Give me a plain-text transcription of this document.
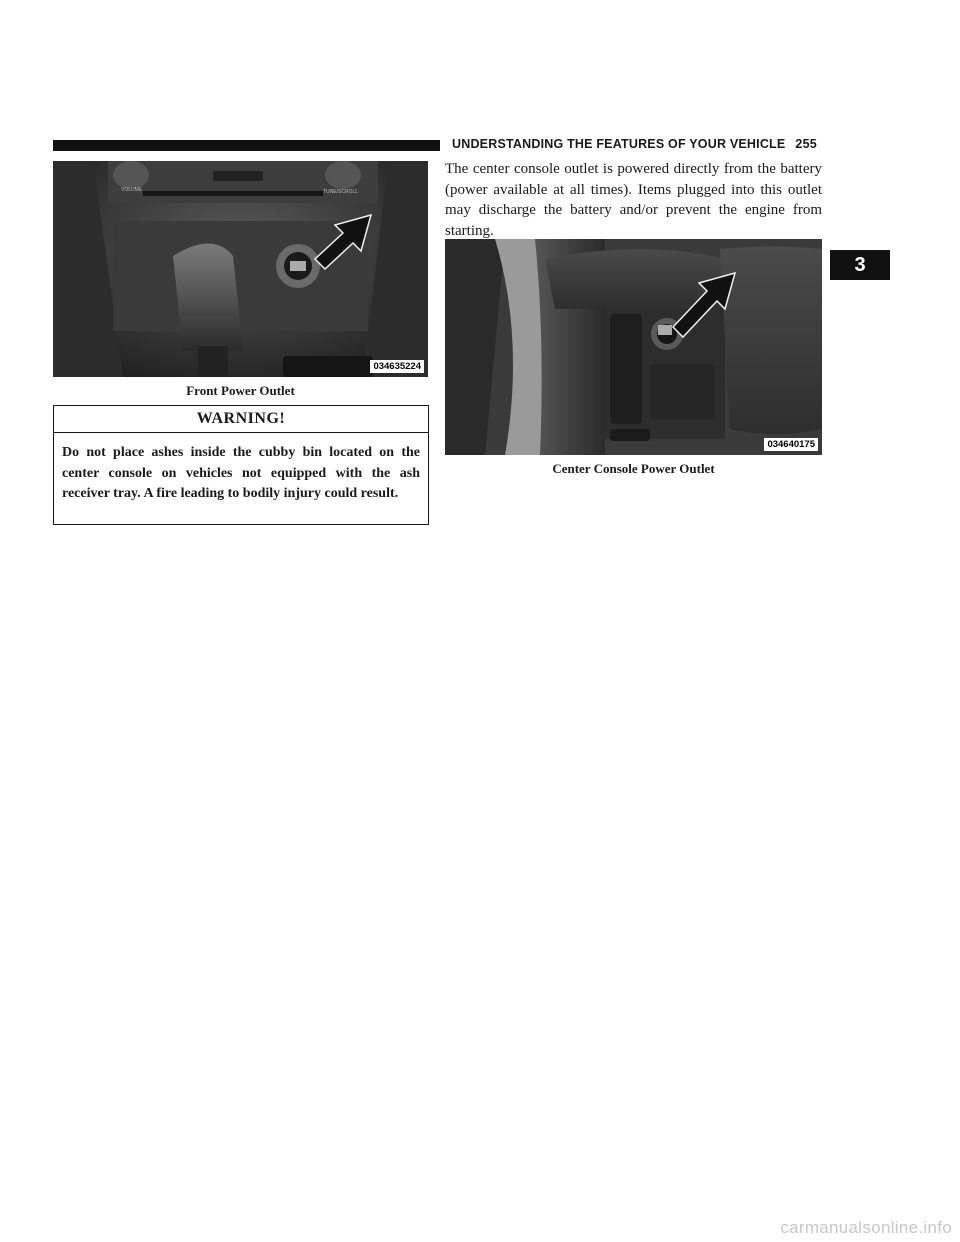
UNDERSTANDING THE FEATURES OF YOUR VEHICLE 255
VOLUME	TUNE/SCROLL
034635224
Front Power Outlet
WARNING!
Do not place ashes inside the cubby bin located on the center console on vehicles not equipped with the ash receiver tray. A fire leading to bodily injury could result.
The center console outlet is powered directly from the battery (power available at all times). Items plugged into this outlet may discharge the battery and/or prevent the engine from starting.
034640175
Center Console Power Outlet
3
carmanualsonline.info
